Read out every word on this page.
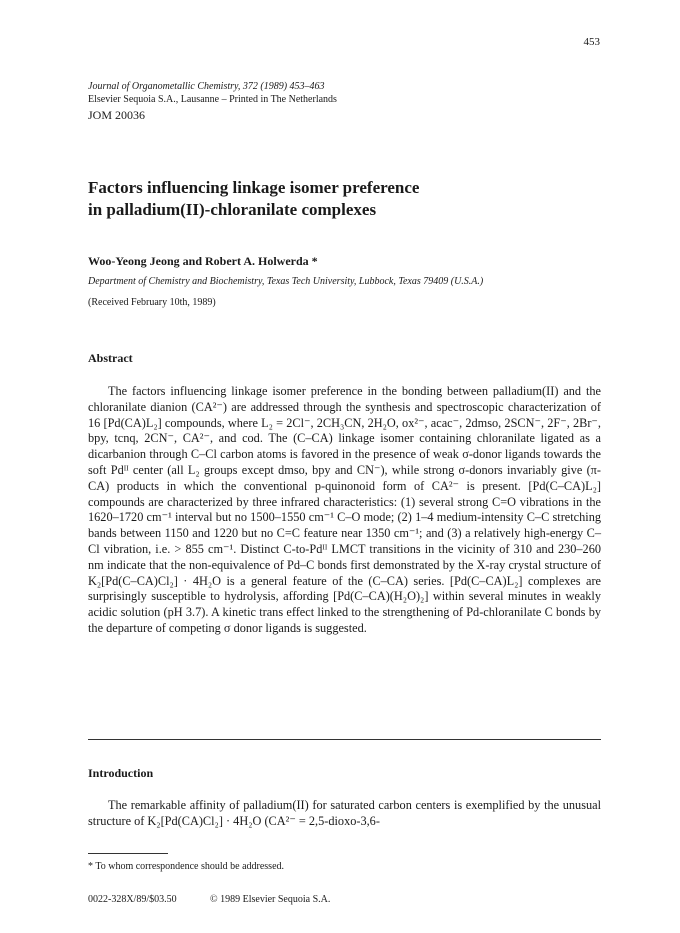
453
Journal of Organometallic Chemistry, 372 (1989) 453–463
Elsevier Sequoia S.A., Lausanne – Printed in The Netherlands
JOM 20036
Factors influencing linkage isomer preference
in palladium(II)-chloranilate complexes
Woo-Yeong Jeong and Robert A. Holwerda *
Department of Chemistry and Biochemistry, Texas Tech University, Lubbock, Texas 79409 (U.S.A.)
(Received February 10th, 1989)
Abstract

The factors influencing linkage isomer preference in the bonding between palladium(II) and the chloranilate dianion (CA²⁻) are addressed through the synthesis and spectroscopic characterization of 16 [Pd(CA)L₂] compounds, where L₂ = 2Cl⁻, 2CH₃CN, 2H₂O, ox²⁻, acac⁻, 2dmso, 2SCN⁻, 2F⁻, 2Br⁻, bpy, tcnq, 2CN⁻, CA²⁻, and cod. The (C–CA) linkage isomer containing chloranilate ligated as a dicarbanion through C–Cl carbon atoms is favored in the presence of weak σ-donor ligands towards the soft Pdᴵᴵ center (all L₂ groups except dmso, bpy and CN⁻), while strong σ-donors invariably give (π-CA) products in which the conventional p-quinonoid form of CA²⁻ is present. [Pd(C–CA)L₂] compounds are characterized by three infrared characteristics: (1) several strong C=O vibrations in the 1620–1720 cm⁻¹ interval but no 1500–1550 cm⁻¹ C–O mode; (2) 1–4 medium-intensity C–C stretching bands between 1150 and 1220 but no C=C feature near 1350 cm⁻¹; and (3) a relatively high-energy C–Cl vibration, i.e. > 855 cm⁻¹. Distinct C-to-Pdᴵᴵ LMCT transitions in the vicinity of 310 and 230–260 nm indicate that the non-equivalence of Pd–C bonds first demonstrated by the X-ray crystal structure of K₂[Pd(C–CA)Cl₂] · 4H₂O is a general feature of the (C–CA) series. [Pd(C–CA)L₂] complexes are surprisingly susceptible to hydrolysis, affording [Pd(C–CA)(H₂O)₂] within several minutes in weakly acidic solution (pH 3.7). A kinetic trans effect linked to the strengthening of Pd-chloranilate C bonds by the departure of competing σ donor ligands is suggested.

Introduction

The remarkable affinity of palladium(II) for saturated carbon centers is exemplified by the unusual structure of K₂[Pd(CA)Cl₂] · 4H₂O (CA²⁻ = 2,5-dioxo-3,6-

* To whom correspondence should be addressed.
0022-328X/89/$03.50	© 1989 Elsevier Sequoia S.A.
